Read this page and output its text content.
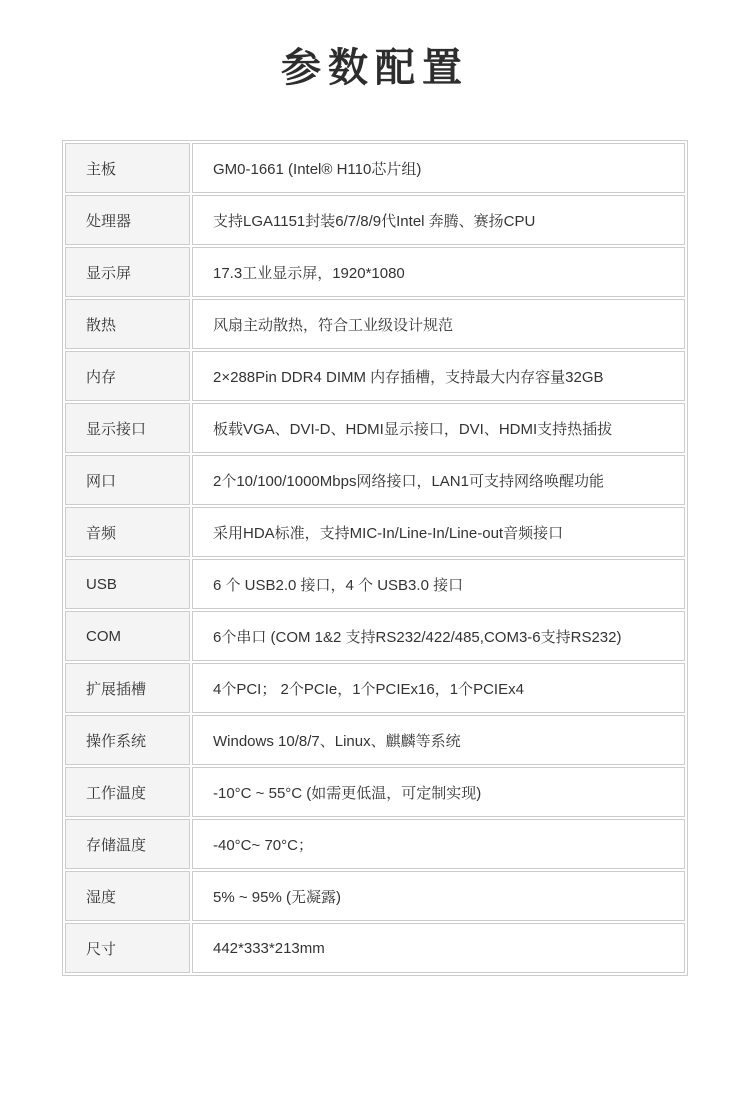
参数配置
主板	GM0-1661 (Intel® H110芯片组)
处理器	支持LGA1151封装6/7/8/9代Intel 奔腾、赛扬CPU
显示屏	17.3工业显示屏，1920*1080
散热	风扇主动散热，符合工业级设计规范
内存	2×288Pin DDR4 DIMM 内存插槽，支持最大内存容量32GB
显示接口	板载VGA、DVI-D、HDMI显示接口，DVI、HDMI支持热插拔
网口	2个10/100/1000Mbps网络接口，LAN1可支持网络唤醒功能
音频	采用HDA标准，支持MIC-In/Line-In/Line-out音频接口
USB	6 个 USB2.0 接口，4 个 USB3.0 接口
COM	6个串口 (COM 1&2 支持RS232/422/485,COM3-6支持RS232)
扩展插槽	4个PCI； 2个PCIe，1个PCIEx16，1个PCIEx4
操作系统	Windows 10/8/7、Linux、麒麟等系统
工作温度	-10°C ~ 55°C (如需更低温，可定制实现)
存储温度	-40°C~ 70°C；
湿度	5% ~ 95% (无凝露)
尺寸	442*333*213mm
